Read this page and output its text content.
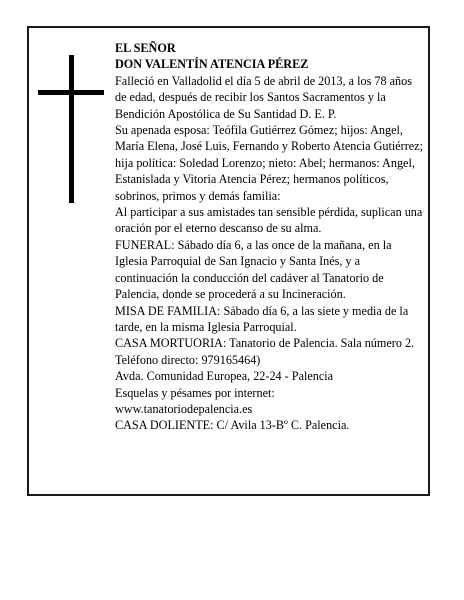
EL SEÑOR

DON VALENTÍN ATENCIA PÉREZ

Falleció en Valladolid el día 5 de abril de 2013, a los 78 años de edad, después de recibir los Santos Sacramentos y la Bendición Apostólica de Su Santidad D. E. P.

Su apenada esposa: Teófila Gutiérrez Gómez; hijos: Angel, María Elena, José Luis, Fernando y Roberto Atencia Gutiérrez; hija política: Soledad Lorenzo; nieto: Abel; hermanos: Angel, Estanislada y Vitoria Atencia Pérez; hermanos políticos, sobrinos, primos y demás familia:

Al participar a sus amistades tan sensible pérdida, suplican una oración por el eterno descanso de su alma.

FUNERAL: Sábado día 6, a las once de la mañana, en la Iglesia Parroquial de San Ignacio y Santa Inés, y a continuación la conducción del cadáver al Tanatorio de Palencia, donde se procederá a su Incineración.

MISA DE FAMILIA: Sábado día 6, a las siete y media de la tarde, en la misma Iglesia Parroquial.

CASA MORTUORIA: Tanatorio de Palencia. Sala número 2. Teléfono directo: 979165464)

Avda. Comunidad Europea, 22-24 - Palencia

Esquelas y pésames por internet:

www.tanatoriodepalencia.es

CASA DOLIENTE: C/ Avila 13-Bº C. Palencia.
